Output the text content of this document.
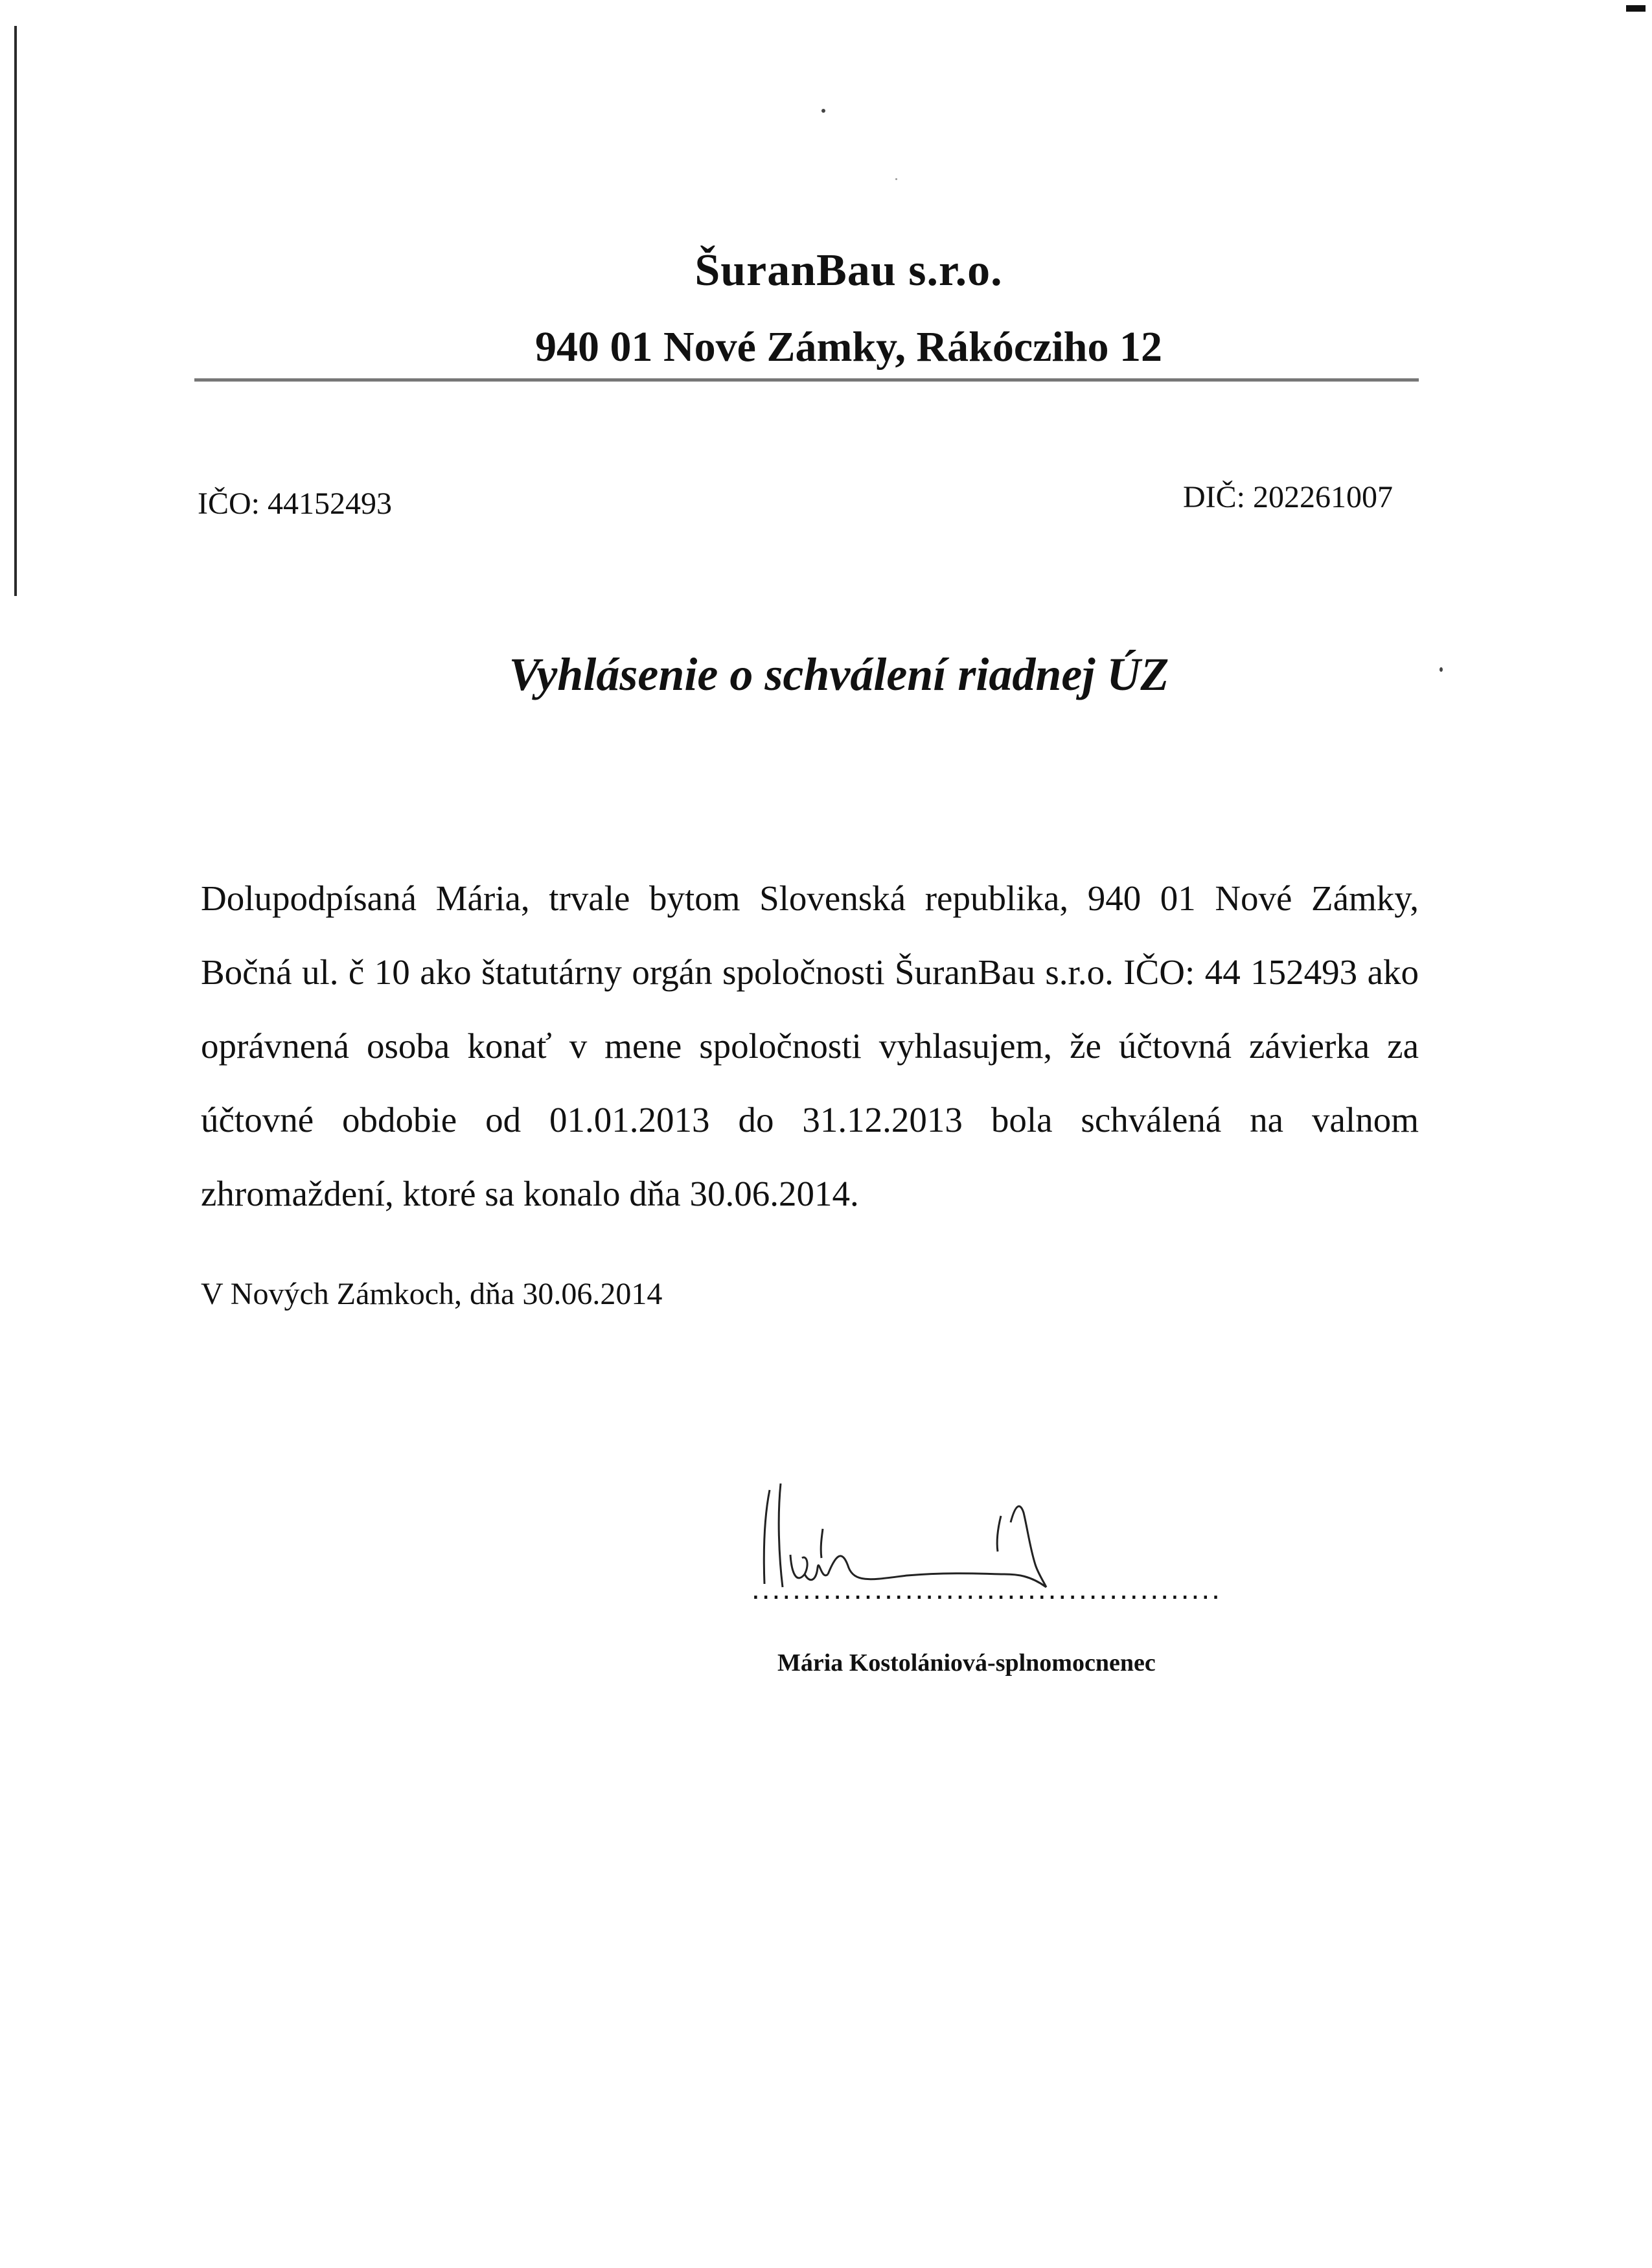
ŠuranBau s.r.o.
940 01 Nové Zámky, Rákócziho 12
IČO: 44152493	DIČ: 202261007
Vyhlásenie o schválení riadnej ÚZ
Dolupodpísaná Mária, trvale bytom Slovenská republika, 940 01 Nové Zámky, Bočná ul. č 10 ako štatutárny orgán spoločnosti ŠuranBau s.r.o. IČO: 44 152493 ako oprávnená osoba konať v mene spoločnosti vyhlasujem, že účtovná závierka za účtovné obdobie od 01.01.2013 do 31.12.2013 bola schválená na valnom zhromaždení, ktoré sa konalo dňa 30.06.2014.
V Nových Zámkoch, dňa 30.06.2014
..............................................
Mária Kostolániová-splnomocnenec
